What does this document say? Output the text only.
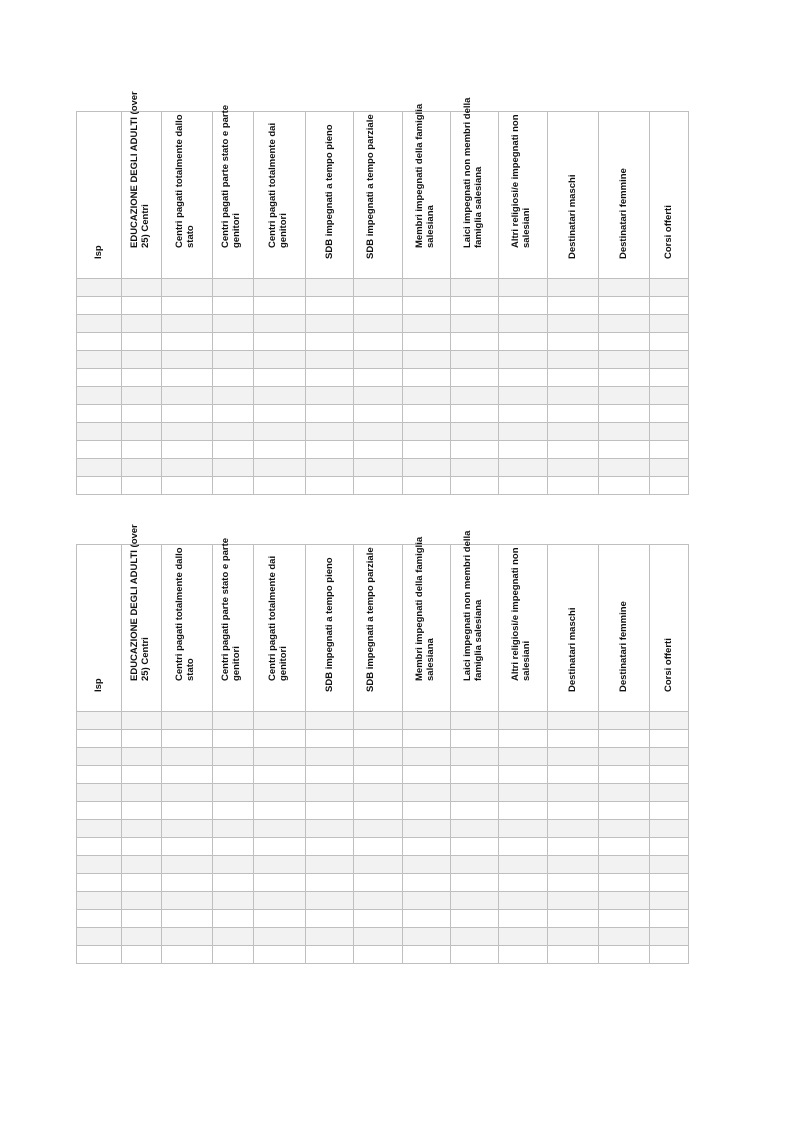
Isp	EDUCAZIONE DEGLI ADULTI (over 25) Centri	Centri pagati totalmente dallo stato	Centri pagati parte stato e parte genitori	Centri pagati totalmente dai genitori	SDB impegnati a tempo pieno	SDB impegnati a tempo parziale	Membri impegnati della famiglia salesiana	Laici impegnati non membri della famiglia salesiana	Altri religiosi/e impegnati non salesiani	Destinatari maschi	Destinatari femmine	Corsi offerti

Isp	EDUCAZIONE DEGLI ADULTI (over 25) Centri	Centri pagati totalmente dallo stato	Centri pagati parte stato e parte genitori	Centri pagati totalmente dai genitori	SDB impegnati a tempo pieno	SDB impegnati a tempo parziale	Membri impegnati della famiglia salesiana	Laici impegnati non membri della famiglia salesiana	Altri religiosi/e impegnati non salesiani	Destinatari maschi	Destinatari femmine	Corsi offerti
